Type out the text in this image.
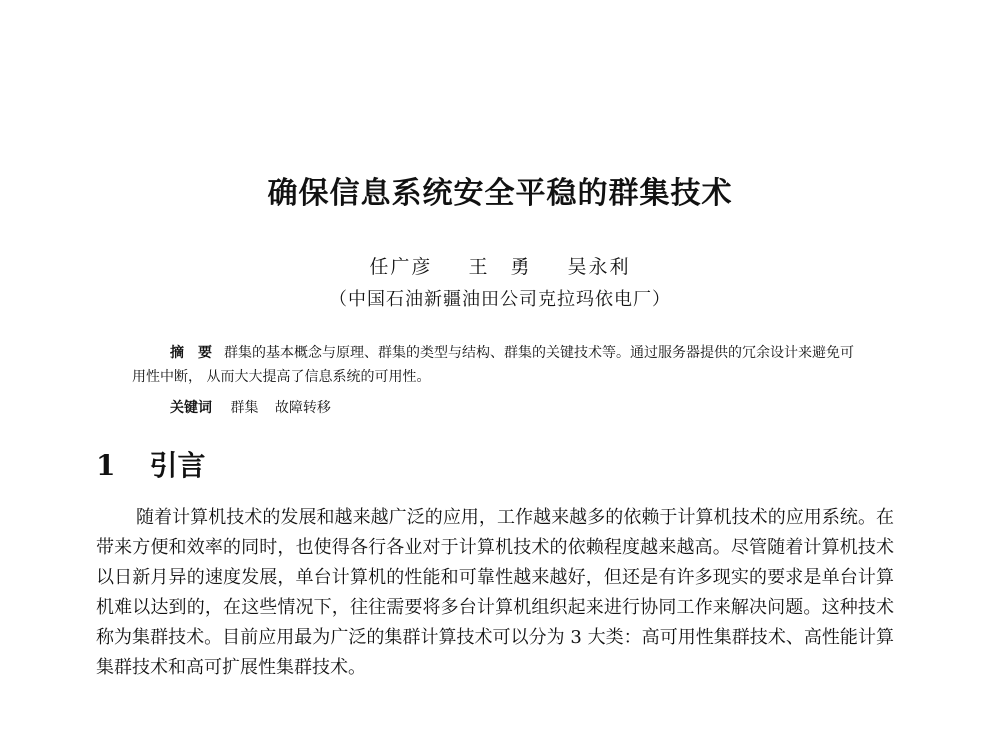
确保信息系统安全平稳的群集技术
任广彦 王　勇 吴永利
（中国石油新疆油田公司克拉玛依电厂）
摘　要 群集的基本概念与原理、群集的类型与结构、群集的关键技术等。通过服务器提供的冗余设计来避免可用性中断， 从而大大提高了信息系统的可用性。
关键词 群集 故障转移
1 引言
随着计算机技术的发展和越来越广泛的应用，工作越来越多的依赖于计算机技术的应用系统。在带来方便和效率的同时，也使得各行各业对于计算机技术的依赖程度越来越高。尽管随着计算机技术以日新月异的速度发展，单台计算机的性能和可靠性越来越好，但还是有许多现实的要求是单台计算机难以达到的，在这些情况下，往往需要将多台计算机组织起来进行协同工作来解决问题。这种技术称为集群技术。目前应用最为广泛的集群计算技术可以分为 3 大类：高可用性集群技术、高性能计算集群技术和高可扩展性集群技术。
